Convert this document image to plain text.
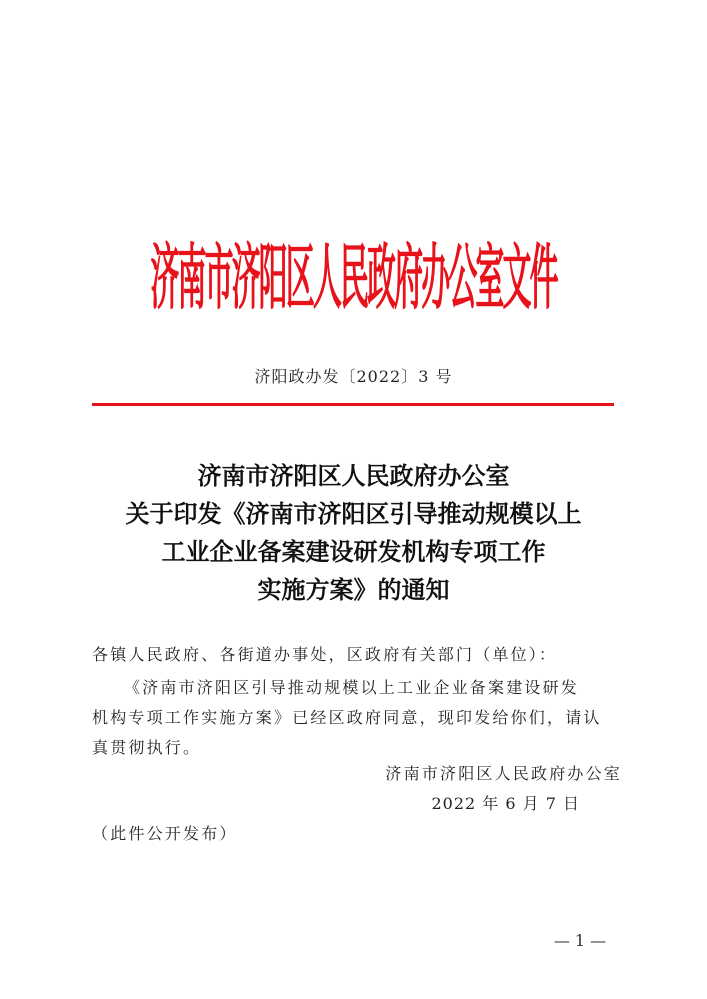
济南市济阳区人民政府办公室文件
济阳政办发〔2022〕3 号
济南市济阳区人民政府办公室
关于印发《济南市济阳区引导推动规模以上
工业企业备案建设研发机构专项工作
实施方案》的通知
各镇人民政府、各街道办事处，区政府有关部门（单位）：
《济南市济阳区引导推动规模以上工业企业备案建设研发
机构专项工作实施方案》已经区政府同意，现印发给你们，请认
真贯彻执行。
济南市济阳区人民政府办公室
2022 年 6 月 7 日
（此件公开发布）
— 1 —
